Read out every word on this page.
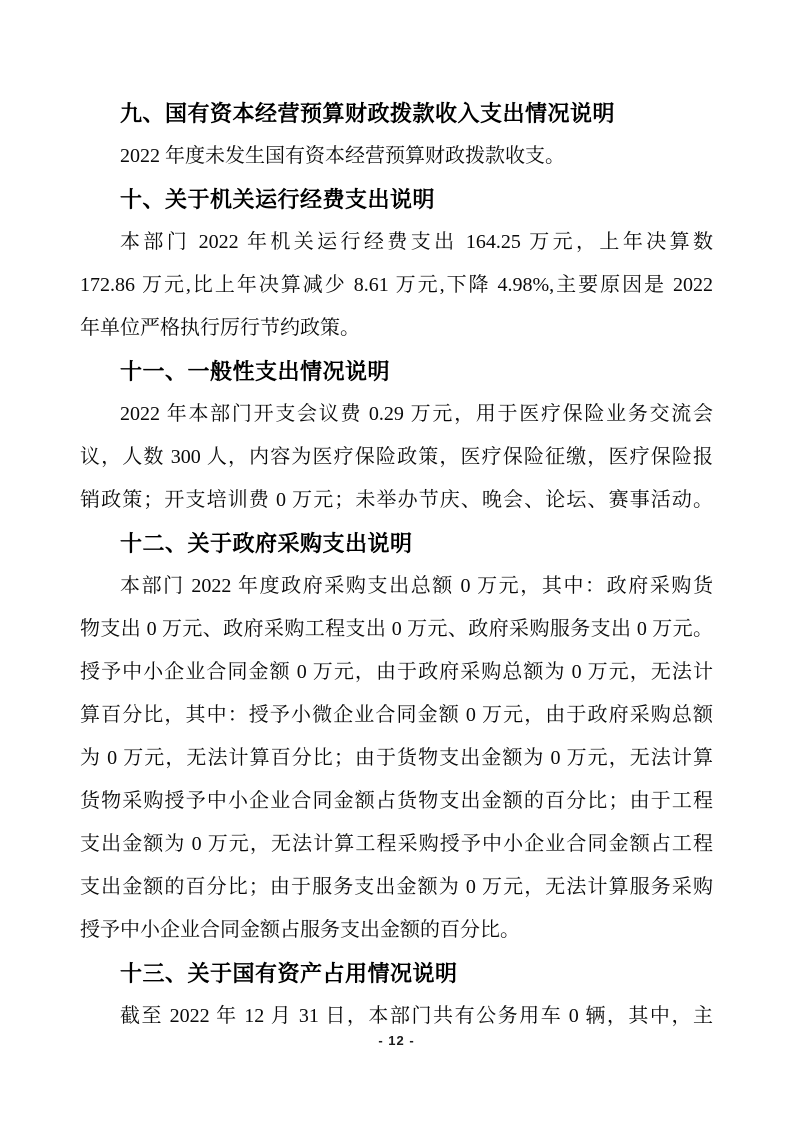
九、国有资本经营预算财政拨款收入支出情况说明

2022 年度未发生国有资本经营预算财政拨款收支。

十、关于机关运行经费支出说明

本部门 2022 年机关运行经费支出 164.25 万元，上年决算数

172.86 万元,比上年决算减少 8.61 万元,下降 4.98%,主要原因是 2022

年单位严格执行厉行节约政策。

十一、一般性支出情况说明

2022 年本部门开支会议费 0.29 万元，用于医疗保险业务交流会

议，人数 300 人，内容为医疗保险政策，医疗保险征缴，医疗保险报

销政策；开支培训费 0 万元；未举办节庆、晚会、论坛、赛事活动。

十二、关于政府采购支出说明

本部门 2022 年度政府采购支出总额 0 万元，其中：政府采购货

物支出 0 万元、政府采购工程支出 0 万元、政府采购服务支出 0 万元。

授予中小企业合同金额 0 万元，由于政府采购总额为 0 万元，无法计

算百分比，其中：授予小微企业合同金额 0 万元，由于政府采购总额

为 0 万元，无法计算百分比；由于货物支出金额为 0 万元，无法计算

货物采购授予中小企业合同金额占货物支出金额的百分比；由于工程

支出金额为 0 万元，无法计算工程采购授予中小企业合同金额占工程

支出金额的百分比；由于服务支出金额为 0 万元，无法计算服务采购

授予中小企业合同金额占服务支出金额的百分比。

十三、关于国有资产占用情况说明

截至 2022 年 12 月 31 日，本部门共有公务用车 0 辆，其中，主

- 12 -
